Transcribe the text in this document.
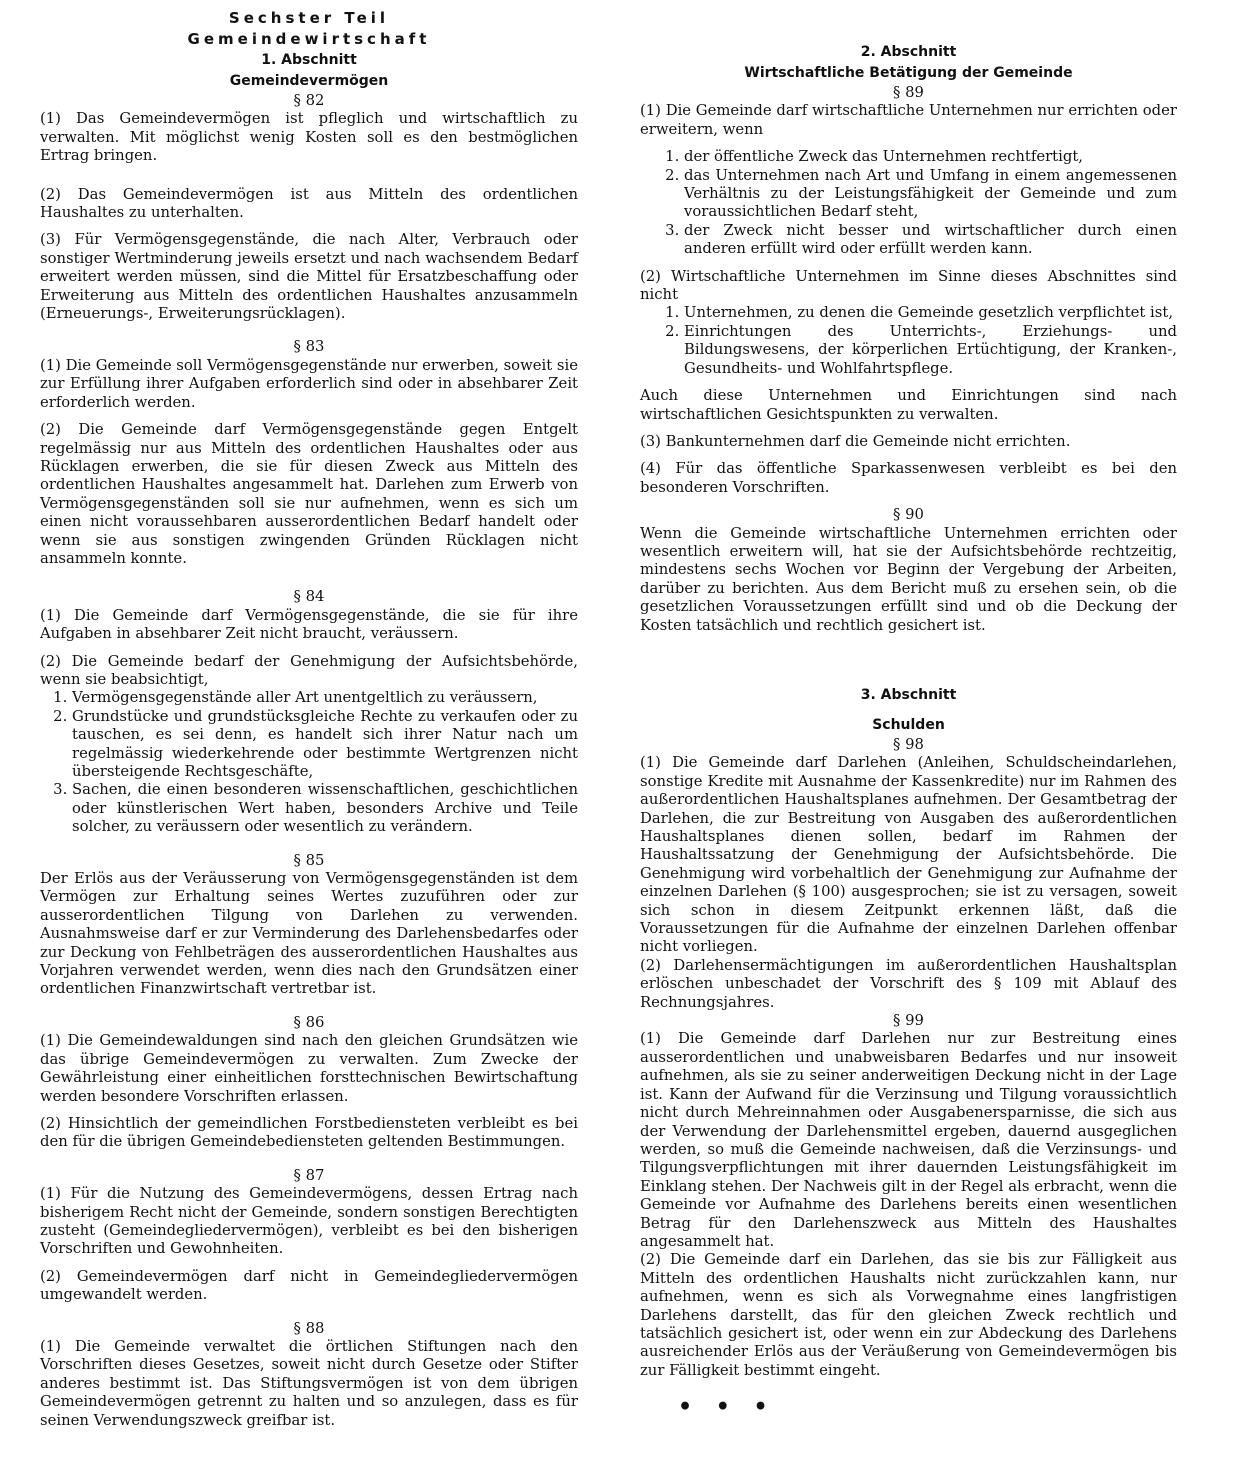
Sechster Teil

Gemeindewirtschaft

1. Abschnitt

Gemeindevermögen

§ 82

(1) Das Gemeindevermögen ist pfleglich und wirtschaftlich zu verwalten. Mit möglichst wenig Kosten soll es den bestmöglichen Ertrag bringen.

(2) Das Gemeindevermögen ist aus Mitteln des ordentlichen Haushaltes zu unterhalten.

(3) Für Vermögensgegenstände, die nach Alter, Verbrauch oder sonstiger Wertminderung jeweils ersetzt und nach wachsendem Bedarf erweitert werden müssen, sind die Mittel für Ersatzbeschaffung oder Erweiterung aus Mitteln des ordentlichen Haushaltes anzusammeln (Erneuerungs-, Erweiterungsrücklagen).

§ 83

(1) Die Gemeinde soll Vermögensgegenstände nur erwerben, soweit sie zur Erfüllung ihrer Aufgaben erforderlich sind oder in absehbarer Zeit erforderlich werden.

(2) Die Gemeinde darf Vermögensgegenstände gegen Entgelt regelmässig nur aus Mitteln des ordentlichen Haushaltes oder aus Rücklagen erwerben, die sie für diesen Zweck aus Mitteln des ordentlichen Haushaltes angesammelt hat. Darlehen zum Erwerb von Vermögensgegenständen soll sie nur aufnehmen, wenn es sich um einen nicht voraussehbaren ausserordentlichen Bedarf handelt oder wenn sie aus sonstigen zwingenden Gründen Rücklagen nicht ansammeln konnte.

§ 84

(1) Die Gemeinde darf Vermögensgegenstände, die sie für ihre Aufgaben in absehbarer Zeit nicht braucht, veräussern.

(2) Die Gemeinde bedarf der Genehmigung der Aufsichtsbehörde, wenn sie beabsichtigt,

1. Vermögensgegenstände aller Art unentgeltlich zu veräussern,
2. Grundstücke und grundstücksgleiche Rechte zu verkaufen oder zu tauschen, es sei denn, es handelt sich ihrer Natur nach um regelmässig wiederkehrende oder bestimmte Wertgrenzen nicht übersteigende Rechtsgeschäfte,
3. Sachen, die einen besonderen wissenschaftlichen, geschichtlichen oder künstlerischen Wert haben, besonders Archive und Teile solcher, zu veräussern oder wesentlich zu verändern.

§ 85

Der Erlös aus der Veräusserung von Vermögensgegenständen ist dem Vermögen zur Erhaltung seines Wertes zuzuführen oder zur ausserordentlichen Tilgung von Darlehen zu verwenden. Ausnahmsweise darf er zur Verminderung des Darlehensbedarfes oder zur Deckung von Fehlbeträgen des ausserordentlichen Haushaltes aus Vorjahren verwendet werden, wenn dies nach den Grundsätzen einer ordentlichen Finanzwirtschaft vertretbar ist.

§ 86

(1) Die Gemeindewaldungen sind nach den gleichen Grundsätzen wie das übrige Gemeindevermögen zu verwalten. Zum Zwecke der Gewährleistung einer einheitlichen forsttechnischen Bewirtschaftung werden besondere Vorschriften erlassen.

(2) Hinsichtlich der gemeindlichen Forstbediensteten verbleibt es bei den für die übrigen Gemeindebediensteten geltenden Bestimmungen.

§ 87

(1) Für die Nutzung des Gemeindevermögens, dessen Ertrag nach bisherigem Recht nicht der Gemeinde, sondern sonstigen Berechtigten zusteht (Gemeindegliedervermögen), verbleibt es bei den bisherigen Vorschriften und Gewohnheiten.

(2) Gemeindevermögen darf nicht in Gemeindegliedervermögen umgewandelt werden.

§ 88

(1) Die Gemeinde verwaltet die örtlichen Stiftungen nach den Vorschriften dieses Gesetzes, soweit nicht durch Gesetze oder Stifter anderes bestimmt ist. Das Stiftungsvermögen ist von dem übrigen Gemeindevermögen getrennt zu halten und so anzulegen, dass es für seinen Verwendungszweck greifbar ist.

2. Abschnitt

Wirtschaftliche Betätigung der Gemeinde

§ 89

(1) Die Gemeinde darf wirtschaftliche Unternehmen nur errichten oder erweitern, wenn

1. der öffentliche Zweck das Unternehmen rechtfertigt,
2. das Unternehmen nach Art und Umfang in einem angemessenen Verhältnis zu der Leistungsfähigkeit der Gemeinde und zum voraussichtlichen Bedarf steht,
3. der Zweck nicht besser und wirtschaftlicher durch einen anderen erfüllt wird oder erfüllt werden kann.

(2) Wirtschaftliche Unternehmen im Sinne dieses Abschnittes sind nicht

1. Unternehmen, zu denen die Gemeinde gesetzlich verpflichtet ist,
2. Einrichtungen des Unterrichts-, Erziehungs- und Bildungswesens, der körperlichen Ertüchtigung, der Kranken-, Gesundheits- und Wohlfahrtspflege.

Auch diese Unternehmen und Einrichtungen sind nach wirtschaftlichen Gesichtspunkten zu verwalten.

(3) Bankunternehmen darf die Gemeinde nicht errichten.

(4) Für das öffentliche Sparkassenwesen verbleibt es bei den besonderen Vorschriften.

§ 90

Wenn die Gemeinde wirtschaftliche Unternehmen errichten oder wesentlich erweitern will, hat sie der Aufsichtsbehörde rechtzeitig, mindestens sechs Wochen vor Beginn der Vergebung der Arbeiten, darüber zu berichten. Aus dem Bericht muß zu ersehen sein, ob die gesetzlichen Voraussetzungen erfüllt sind und ob die Deckung der Kosten tatsächlich und rechtlich gesichert ist.

3. Abschnitt

Schulden

§ 98

(1) Die Gemeinde darf Darlehen (Anleihen, Schuldscheindarlehen, sonstige Kredite mit Ausnahme der Kassenkredite) nur im Rahmen des außerordentlichen Haushaltsplanes aufnehmen. Der Gesamtbetrag der Darlehen, die zur Bestreitung von Ausgaben des außerordentlichen Haushaltsplanes dienen sollen, bedarf im Rahmen der Haushaltssatzung der Genehmigung der Aufsichtsbehörde. Die Genehmigung wird vorbehaltlich der Genehmigung zur Aufnahme der einzelnen Darlehen (§ 100) ausgesprochen; sie ist zu versagen, soweit sich schon in diesem Zeitpunkt erkennen läßt, daß die Voraussetzungen für die Aufnahme der einzelnen Darlehen offenbar nicht vorliegen.

(2) Darlehensermächtigungen im außerordentlichen Haushaltsplan erlöschen unbeschadet der Vorschrift des § 109 mit Ablauf des Rechnungsjahres.

§ 99

(1) Die Gemeinde darf Darlehen nur zur Bestreitung eines ausserordentlichen und unabweisbaren Bedarfes und nur insoweit aufnehmen, als sie zu seiner anderweitigen Deckung nicht in der Lage ist. Kann der Aufwand für die Verzinsung und Tilgung voraussichtlich nicht durch Mehreinnahmen oder Ausgabenersparnisse, die sich aus der Verwendung der Darlehensmittel ergeben, dauernd ausgeglichen werden, so muß die Gemeinde nachweisen, daß die Verzinsungs- und Tilgungsverpflichtungen mit ihrer dauernden Leistungsfähigkeit im Einklang stehen. Der Nachweis gilt in der Regel als erbracht, wenn die Gemeinde vor Aufnahme des Darlehens bereits einen wesentlichen Betrag für den Darlehenszweck aus Mitteln des Haushaltes angesammelt hat.

(2) Die Gemeinde darf ein Darlehen, das sie bis zur Fälligkeit aus Mitteln des ordentlichen Haushalts nicht zurückzahlen kann, nur aufnehmen, wenn es sich als Vorwegnahme eines langfristigen Darlehens darstellt, das für den gleichen Zweck rechtlich und tatsächlich gesichert ist, oder wenn ein zur Abdeckung des Darlehens ausreichender Erlös aus der Veräußerung von Gemeindevermögen bis zur Fälligkeit bestimmt eingeht.

• • •
